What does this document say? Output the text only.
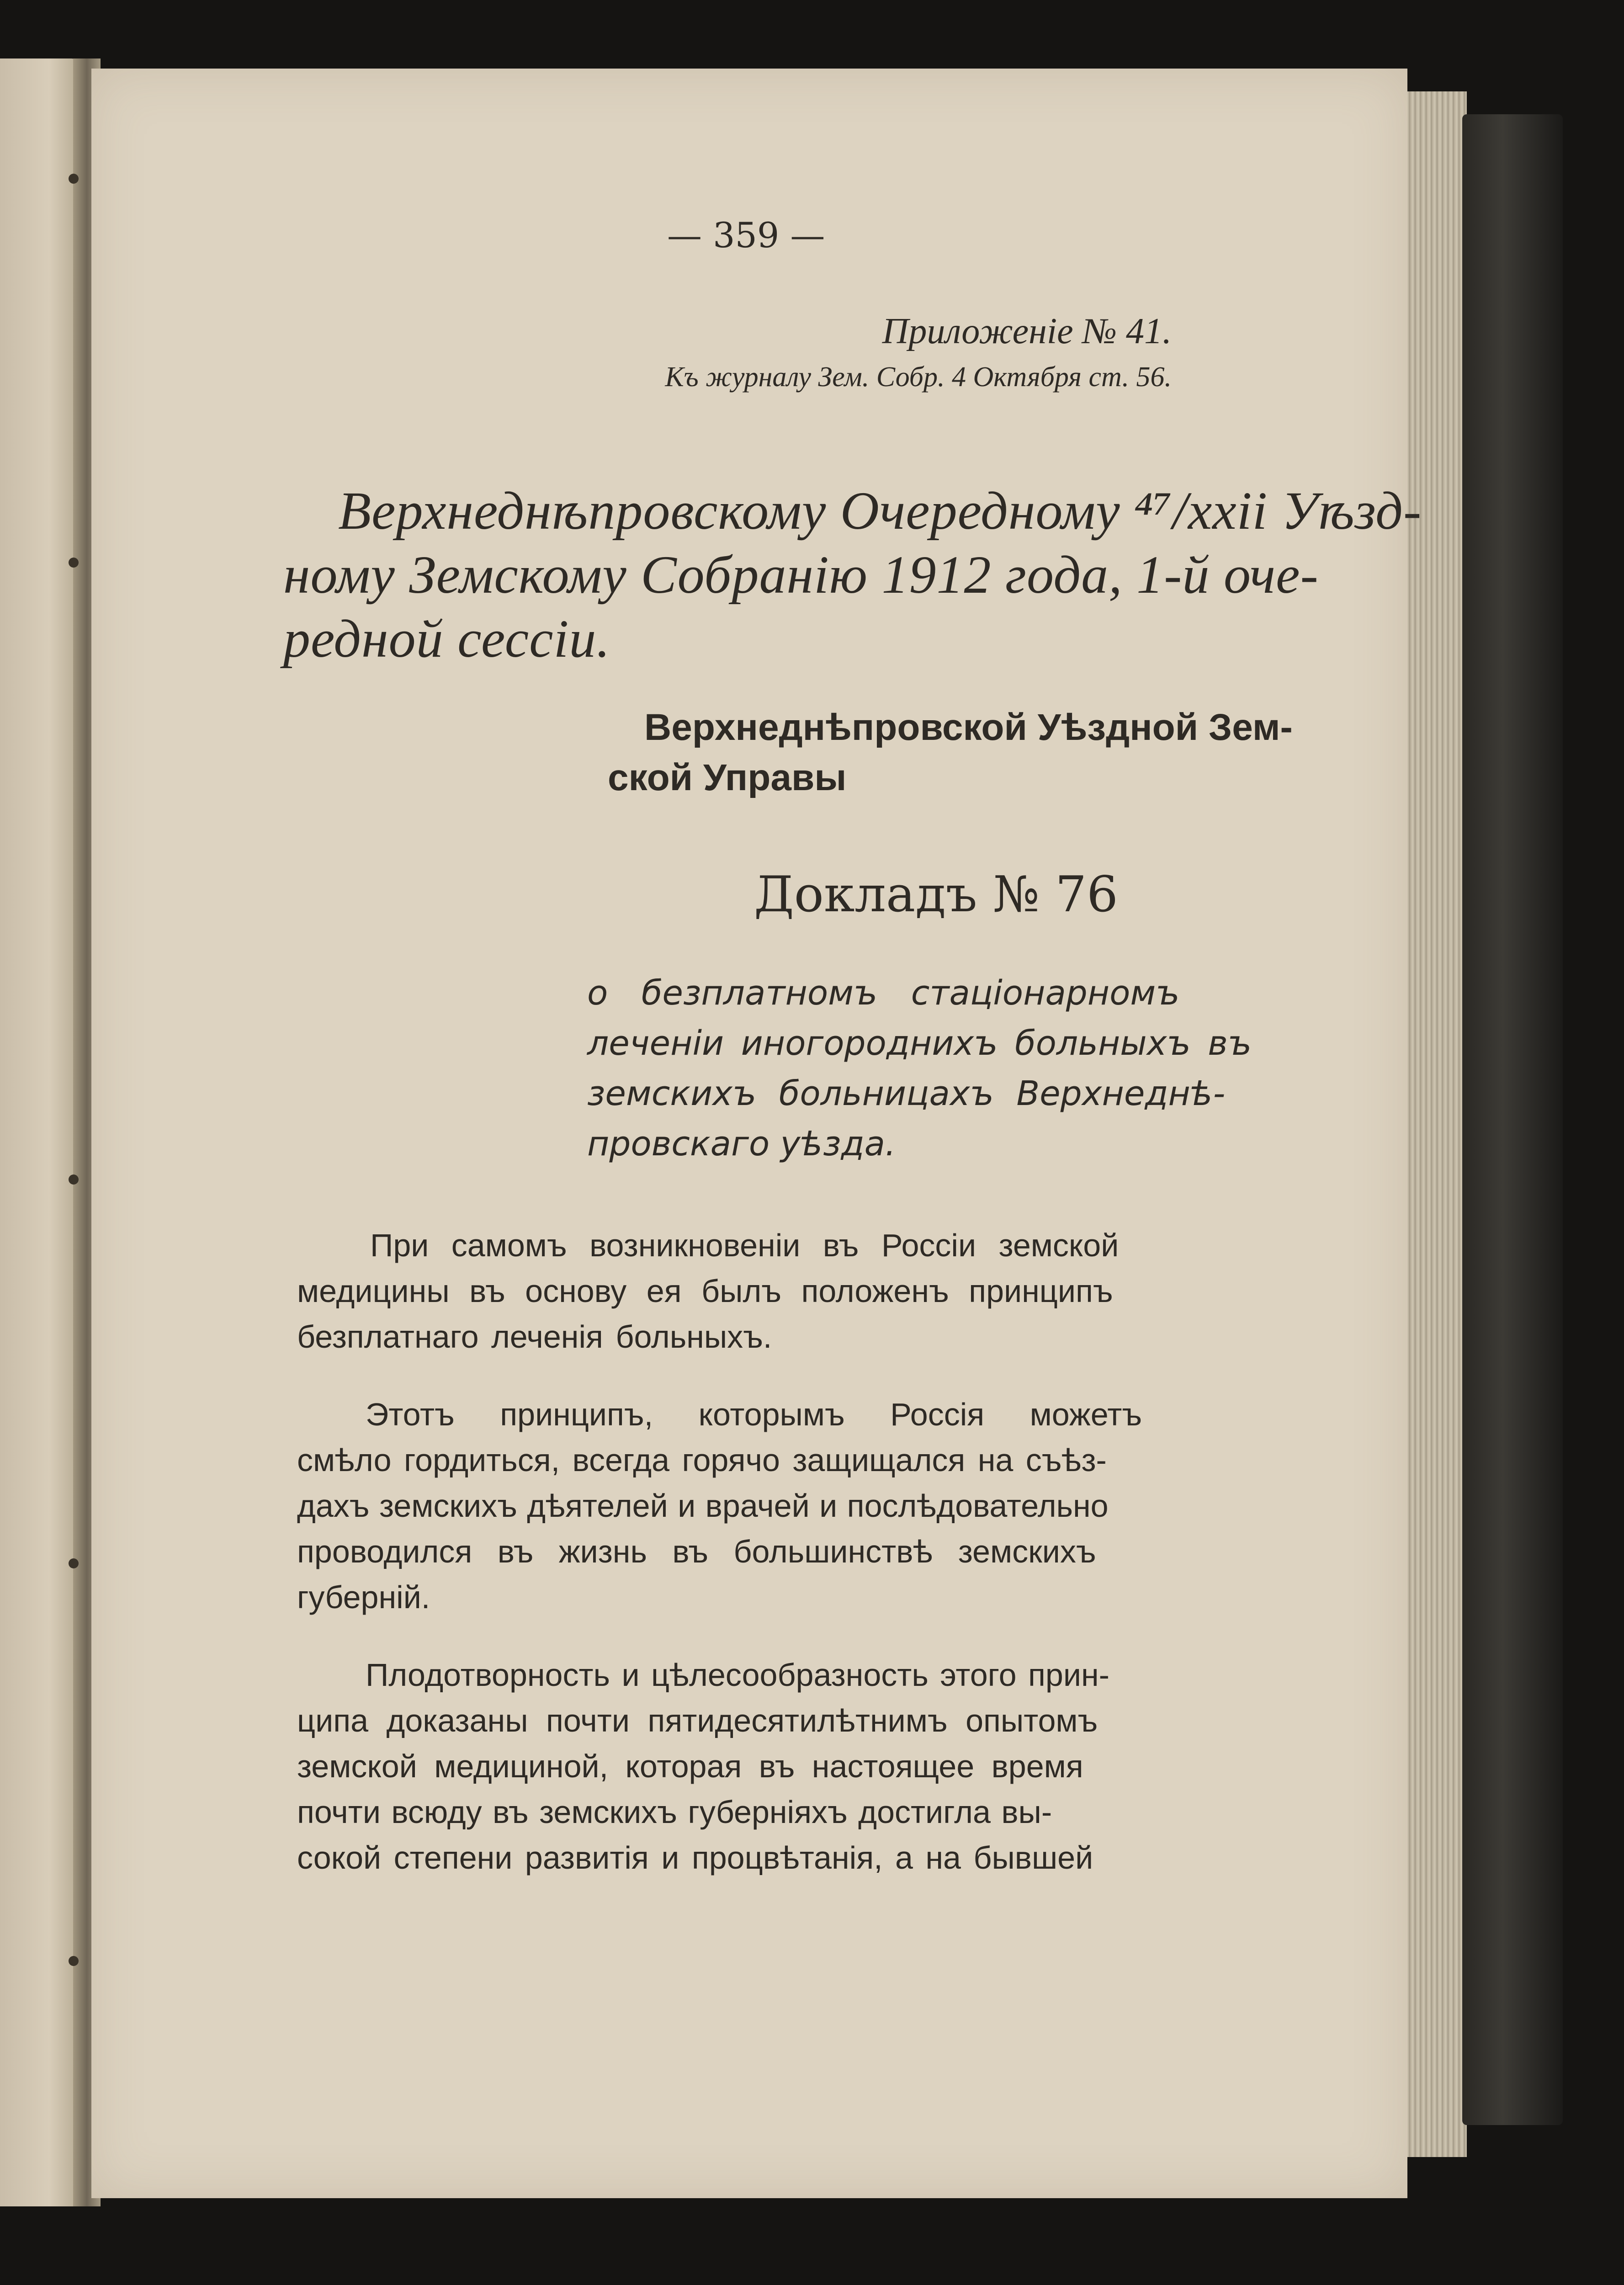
— 359 —
Приложеніе № 41.
Къ журналу Зем. Собр. 4 Октября ст. 56.
Верхнеднѣпровскому Очередному ⁴⁷/xxii Уѣзд-
ному Земскому Собранію 1912 года, 1-й оче-
редной сессіи.
Верхнеднѣпровской Уѣздной Зем-
ской Управы
Докладъ № 76
о безплатномъ стаціонарномъ
леченіи иногороднихъ больныхъ въ
земскихъ больницахъ Верхнеднѣ-
провскаго уѣзда.
При самомъ возникновеніи въ Россіи земской
медицины въ основу ея былъ положенъ принципъ
безплатнаго леченія больныхъ.
Этотъ принципъ, которымъ Россія можетъ
смѣло гордиться, всегда горячо защищался на съѣз-
дахъ земскихъ дѣятелей и врачей и послѣдовательно
проводился въ жизнь въ большинствѣ земскихъ
губерній.
Плодотворность и цѣлесообразность этого прин-
ципа доказаны почти пятидесятилѣтнимъ опытомъ
земской медициной, которая въ настоящее время
почти всюду въ земскихъ губерніяхъ достигла вы-
сокой степени развитія и процвѣтанія, а на бывшей
